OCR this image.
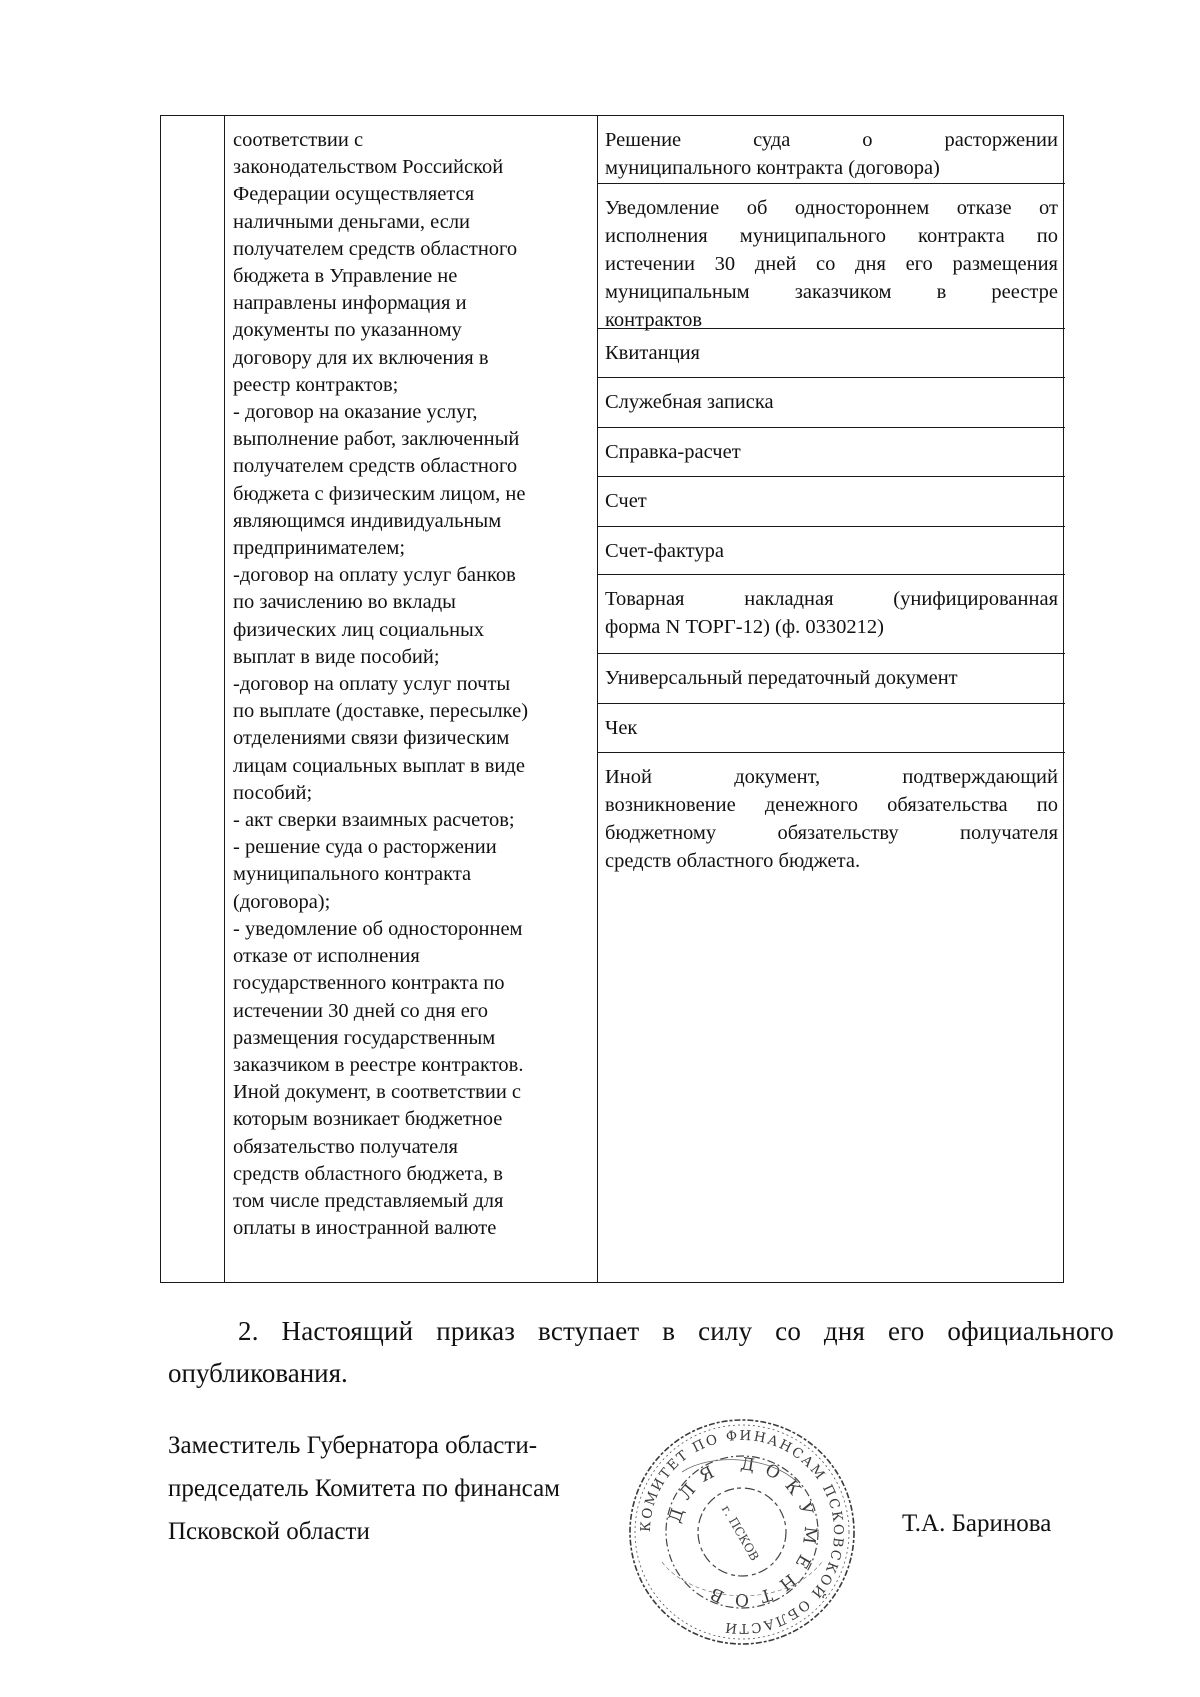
соответствии с
законодательством Российской
Федерации осуществляется
наличными деньгами, если
получателем средств областного
бюджета в Управление не
направлены информация и
документы по указанному
договору для их включения в
реестр контрактов;
- договор на оказание услуг,
выполнение работ, заключенный
получателем средств областного
бюджета с физическим лицом, не
являющимся индивидуальным
предпринимателем;
-договор на оплату услуг банков
по зачислению во вклады
физических лиц социальных
выплат в виде пособий;
-договор на оплату услуг почты
по выплате (доставке, пересылке)
отделениями связи физическим
лицам социальных выплат в виде
пособий;
- акт сверки взаимных расчетов;
- решение суда о расторжении
муниципального контракта
(договора);
- уведомление об одностороннем
отказе от исполнения
государственного контракта по
истечении 30 дней со дня его
размещения государственным
заказчиком в реестре контрактов.
Иной документ, в соответствии с
которым возникает бюджетное
обязательство получателя
средств областного бюджета, в
том числе представляемый для
оплаты в иностранной валюте
Решение суда о расторжении
муниципального контракта (договора)
Уведомление об одностороннем отказе от
исполнения муниципального контракта по
истечении 30 дней со дня его размещения
муниципальным заказчиком в реестре
контрактов
Квитанция
Служебная записка
Справка-расчет
Счет
Счет-фактура
Товарная накладная (унифицированная
форма N ТОРГ-12) (ф. 0330212)
Универсальный передаточный документ
Чек
Иной документ, подтверждающий
возникновение денежного обязательства по
бюджетному обязательству получателя
средств областного бюджета.
2. Настоящий приказ вступает в силу со дня его официального
опубликования.
Заместитель Губернатора области-
председатель Комитета по финансам
Псковской области	Т.А. Баринова
КОМИТЕТ ПО ФИНАНСАМ ПСКОВСКОЙ ОБЛАСТИ
ДЛЯ ДОКУМЕНТОВ
г. ПСКОВ
